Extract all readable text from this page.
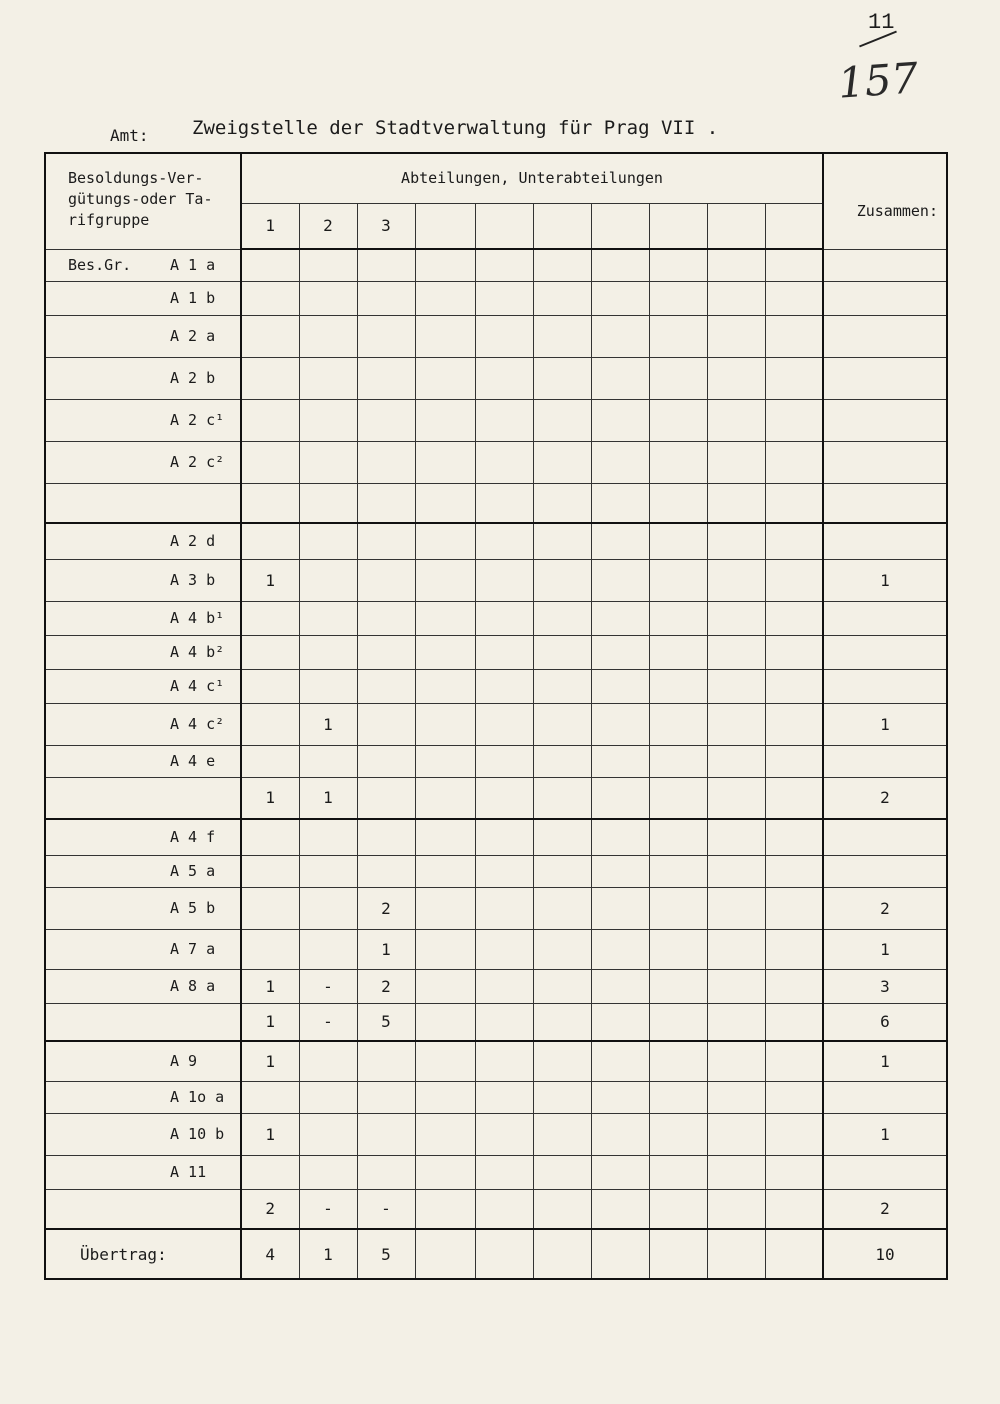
11
157
Amt: Zweigstelle der Stadtverwaltung für Prag VII .
Besoldungs-Ver- gütungs-oder Ta- rifgruppe	Abteilungen, Unterabteilungen										Zusammen:

	1	2	3								

Bes.Gr. A 1 a											

A 1 b											

A 2 a											

A 2 b											

A 2 c¹											

A 2 c²											

A 2 d											

A 3 b	1										1

A 4 b¹											

A 4 b²											

A 4 c¹											

A 4 c²		1									1

A 4 e											

	1	1									2

A 4 f											

A 5 a											

A 5 b			2								2

A 7 a			1								1

A 8 a	1	-	2								3

	1	-	5								6

A 9	1										1

A 1o a											

A 10 b	1										1

A 11											

	2	-	-								2
Übertrag:	4	1	5								10
